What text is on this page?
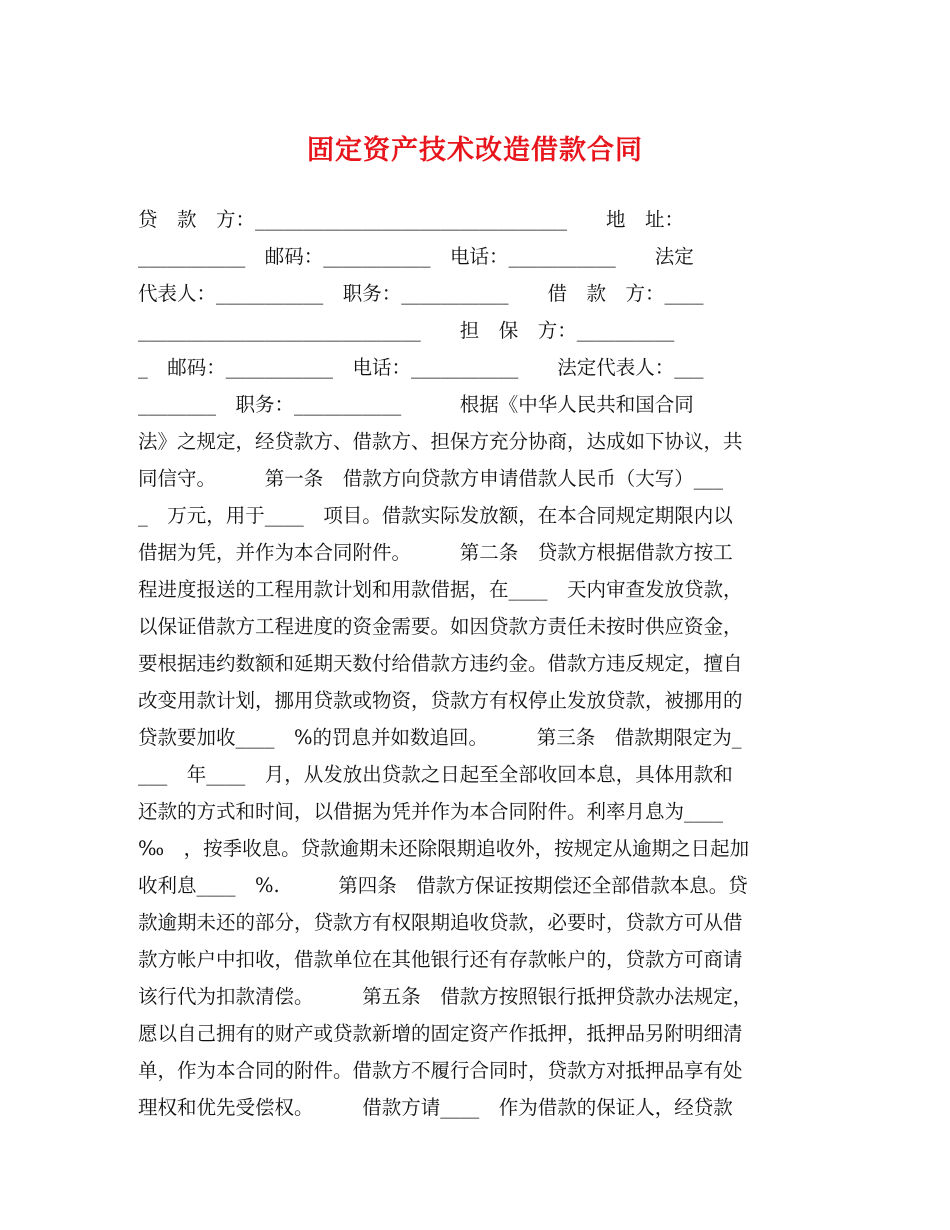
固定资产技术改造借款合同
贷　款　方：________________________________　　地　址：
___________　邮码：___________　电话：___________　　法定
代表人：___________　职务：___________　　借　款　方：____
_____________________________　　担　保　方：__________
_　邮码：___________　电话：___________　　法定代表人：___
________　职务：___________　　　根据《中华人民共和国合同
法》之规定，经贷款方、借款方、担保方充分协商，达成如下协议，共
同信守。　　　第一条　借款方向贷款方申请借款人民币（大写）___
_　万元，用于____　项目。借款实际发放额，在本合同规定期限内以
借据为凭，并作为本合同附件。　　　第二条　贷款方根据借款方按工
程进度报送的工程用款计划和用款借据，在____　天内审查发放贷款，
以保证借款方工程进度的资金需要。如因贷款方责任未按时供应资金，
要根据违约数额和延期天数付给借款方违约金。借款方违反规定，擅自
改变用款计划，挪用贷款或物资，贷款方有权停止发放贷款，被挪用的
贷款要加收____　%的罚息并如数追回。　　　第三条　借款期限定为_
___　年____　月，从发放出贷款之日起至全部收回本息，具体用款和
还款的方式和时间，以借据为凭并作为本合同附件。利率月息为____
‰　，按季收息。贷款逾期未还除限期追收外，按规定从逾期之日起加
收利息____　%.　　　第四条　借款方保证按期偿还全部借款本息。贷
款逾期未还的部分，贷款方有权限期追收贷款，必要时，贷款方可从借
款方帐户中扣收，借款单位在其他银行还有存款帐户的，贷款方可商请
该行代为扣款清偿。　　　第五条　借款方按照银行抵押贷款办法规定，
愿以自己拥有的财产或贷款新增的固定资产作抵押，抵押品另附明细清
单，作为本合同的附件。借款方不履行合同时，贷款方对抵押品享有处
理权和优先受偿权。　　　借款方请____　作为借款的保证人，经贷款
